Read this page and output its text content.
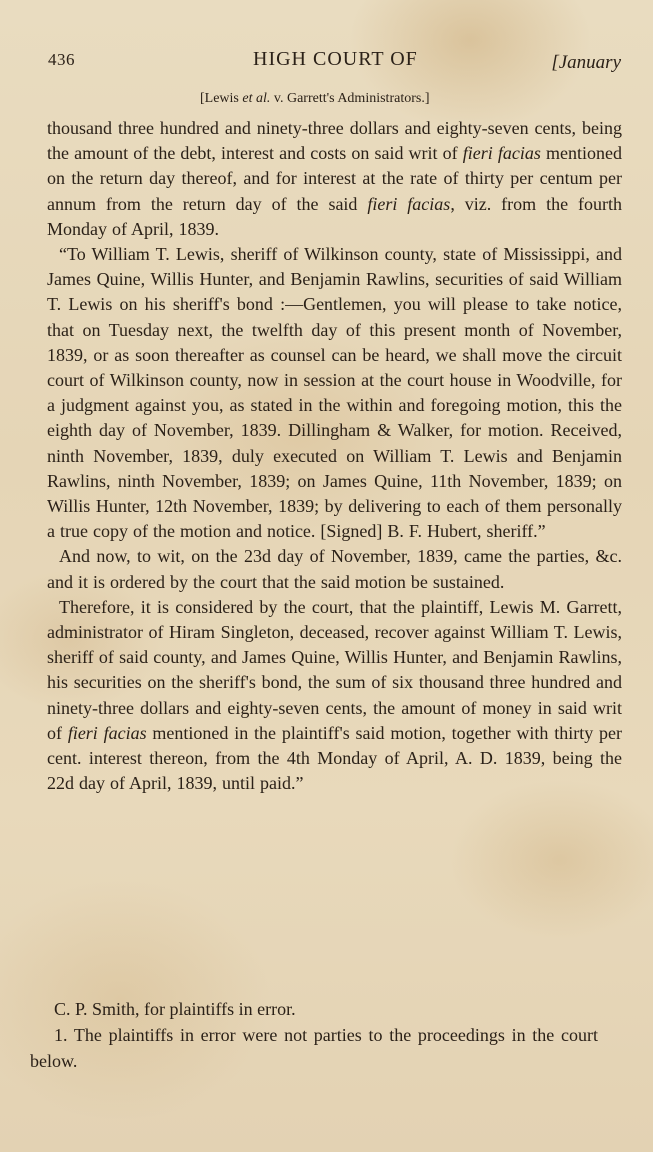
436	HIGH COURT OF	[January
[Lewis et al. v. Garrett's Administrators.]

thousand three hundred and ninety-three dollars and eighty-seven cents, being the amount of the debt, interest and costs on said writ of fieri facias mentioned on the return day thereof, and for interest at the rate of thirty per centum per annum from the return day of the said fieri facias, viz. from the fourth Monday of April, 1839.

“To William T. Lewis, sheriff of Wilkinson county, state of Mississippi, and James Quine, Willis Hunter, and Benjamin Rawlins, securities of said William T. Lewis on his sheriff's bond :—Gentlemen, you will please to take notice, that on Tuesday next, the twelfth day of this present month of November, 1839, or as soon thereafter as counsel can be heard, we shall move the circuit court of Wilkinson county, now in session at the court house in Woodville, for a judgment against you, as stated in the within and foregoing motion, this the eighth day of November, 1839. Dillingham & Walker, for motion. Received, ninth November, 1839, duly executed on William T. Lewis and Benjamin Rawlins, ninth November, 1839; on James Quine, 11th November, 1839; on Willis Hunter, 12th November, 1839; by delivering to each of them personally a true copy of the motion and notice. [Signed] B. F. Hubert, sheriff.”

And now, to wit, on the 23d day of November, 1839, came the parties, &c. and it is ordered by the court that the said motion be sustained.

Therefore, it is considered by the court, that the plaintiff, Lewis M. Garrett, administrator of Hiram Singleton, deceased, recover against William T. Lewis, sheriff of said county, and James Quine, Willis Hunter, and Benjamin Rawlins, his securities on the sheriff's bond, the sum of six thousand three hundred and ninety-three dollars and eighty-seven cents, the amount of money in said writ of fieri facias mentioned in the plaintiff's said motion, together with thirty per cent. interest thereon, from the 4th Monday of April, A. D. 1839, being the 22d day of April, 1839, until paid.”

C. P. Smith, for plaintiffs in error.

1. The plaintiffs in error were not parties to the proceedings in the court below.
